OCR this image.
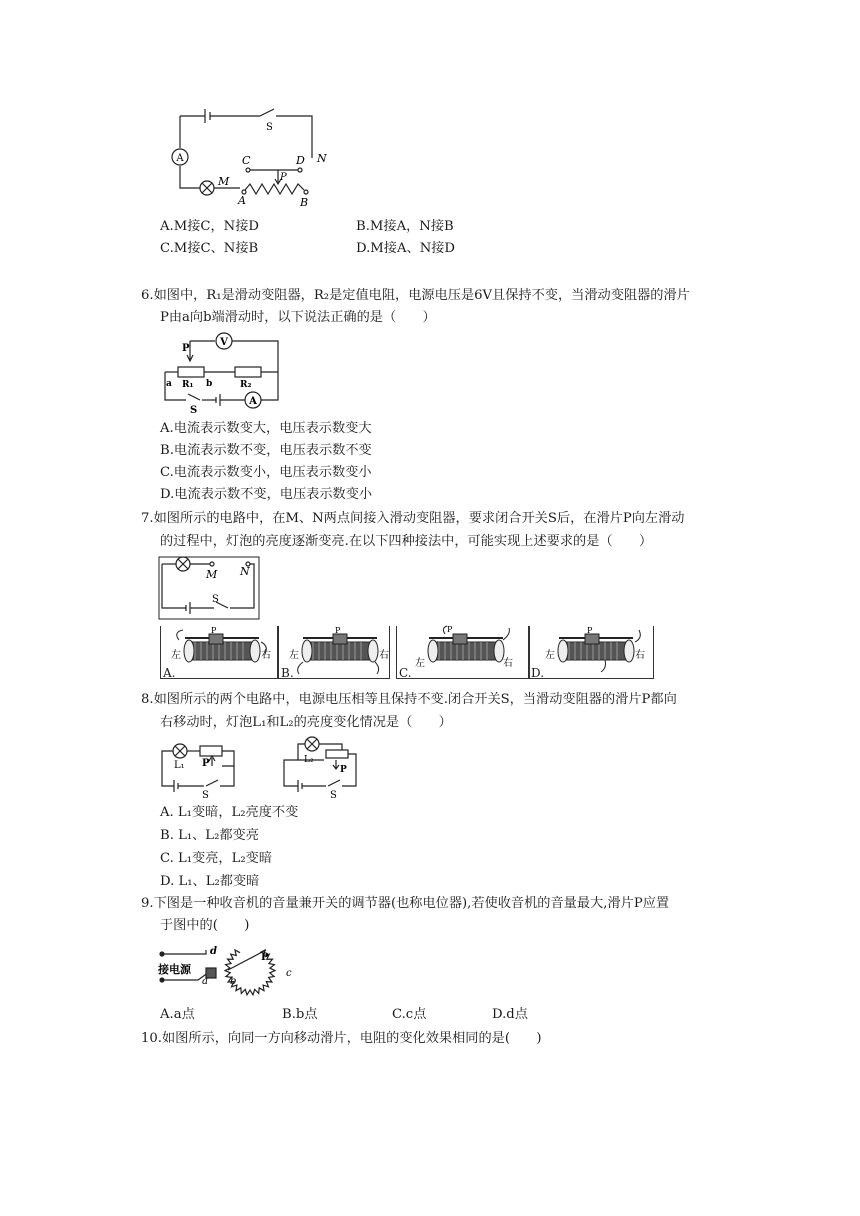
A
S
C	D N
M	P
A	B
A.M接C，N接D	B.M接A，N接B
C.M接C、N接B	D.M接A、N接D
6.如图中，R₁是滑动变阻器，R₂是定值电阻，电源电压是6V且保持不变，当滑动变阻器的滑片
P由a向b端滑动时，以下说法正确的是（　　）
V
P
a R₁ b	R₂
A
S
A.电流表示数变大，电压表示数变大
B.电流表示数不变，电压表示数不变
C.电流表示数变小，电压表示数变小
D.电流表示数不变，电压表示数变小
7.如图所示的电路中，在M、N两点间接入滑动变阻器，要求闭合开关S后，在滑片P向左滑动
的过程中，灯泡的亮度逐渐变亮.在以下四种接法中，可能实现上述要求的是（　　）
M N
S
A.
左	右
P
B.
左	右
P
C.
左	右
P
D.
左	右
P
8.如图所示的两个电路中，电源电压相等且保持不变.闭合开关S，当滑动变阻器的滑片P都向
右移动时，灯泡L₁和L₂的亮度变化情况是（　　）
L₁ P
S
L₂
P
S
A. L₁变暗，L₂亮度不变
B. L₁、L₂都变亮
C. L₁变亮，L₂变暗
D. L₁、L₂都变暗
9.下图是一种收音机的音量兼开关的调节器(也称电位器),若使收音机的音量最大,滑片P应置
于图中的(　　)
接电源
d
a b
c
P
A.a点	B.b点	C.c点	D.d点
10.如图所示，向同一方向移动滑片，电阻的变化效果相同的是(　　)
